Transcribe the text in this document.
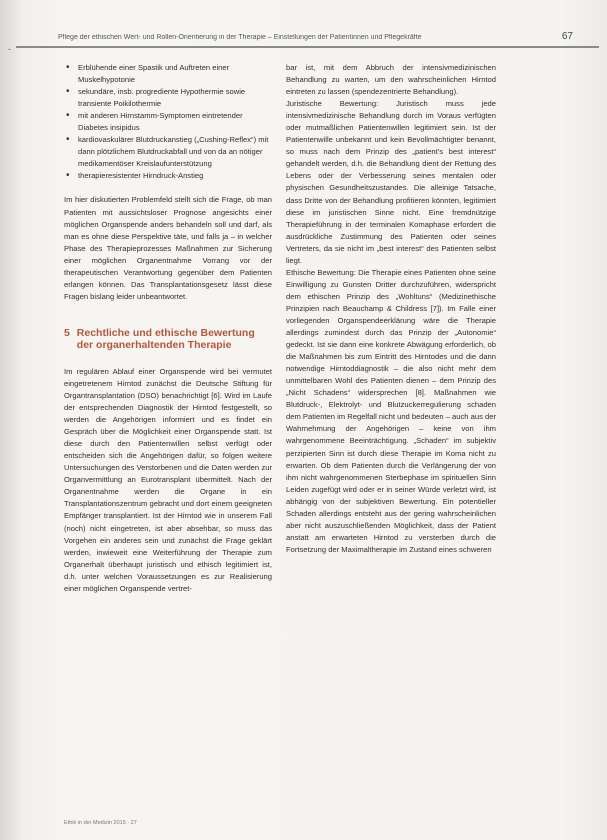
-
Pflege der ethischen Wert- und Rollen-Orientierung in der Therapie – Einstellungen der Patientinnen und Pflegekräfte	67
• Erblühende einer Spastik und Auftreten einer Muskelhypotonie
• sekundäre, insb. progrediente Hypothermie sowie transiente Poikilothermie
• mit anderen Hirnstamm-Symptomen eintretender Diabetes insipidus
• kardiovaskulärer Blutdruckanstieg („Cushing-Reflex“) mit dann plötzlichem Blutdruckabfall und von da an nötiger medikamentöser Kreislaufunterstützung
• therapieresistenter Hirndruck-Anstieg

Im hier diskutierten Problemfeld stellt sich die Frage, ob man Patienten mit aussichtsloser Prognose angesichts einer möglichen Organspende anders behandeln soll und darf, als man es ohne diese Perspektive täte, und falls ja – in welcher Phase des Therapieprozesses Maßnahmen zur Sicherung einer möglichen Organentnahme Vorrang vor der therapeutischen Verantwortung gegenüber dem Patienten erlangen können. Das Transplantationsgesetz lässt diese Fragen bislang leider unbeantwortet.

5 Rechtliche und ethische Bewertung der organerhaltenden Therapie

Im regulären Ablauf einer Organspende wird bei vermutet eingetretenem Hirntod zunächst die Deutsche Stiftung für Organtransplantation (DSO) benachrichtigt [6]. Wird im Laufe der entsprechenden Diagnostik der Hirntod festgestellt, so werden die Angehörigen informiert und es findet ein Gespräch über die Möglichkeit einer Organspende statt. Ist diese durch den Patientenwillen selbst verfügt oder entscheiden sich die Angehörigen dafür, so folgen weitere Untersuchungen des Verstorbenen und die Daten werden zur Organvermittlung an Eurotransplant übermittelt. Nach der Organentnahme werden die Organe in ein Transplantationszentrum gebracht und dort einem geeigneten Empfänger transplantiert. Ist der Hirntod wie in unserem Fall (noch) nicht eingetreten, ist aber absehbar, so muss das Vorgehen ein anderes sein und zunächst die Frage geklärt werden, inwieweit eine Weiterführung der Therapie zum Organerhalt überhaupt juristisch und ethisch legitimiert ist, d.h. unter welchen Voraussetzungen es zur Realisierung einer möglichen Organspende vertret-

bar ist, mit dem Abbruch der intensivmedizinischen Behandlung zu warten, um den wahrscheinlichen Hirntod eintreten zu lassen (spendezentrierte Behandlung).

Juristische Bewertung: Juristisch muss jede intensivmedizinische Behandlung durch im Voraus verfügten oder mutmaßlichen Patientenwillen legitimiert sein. Ist der Patientenwille unbekannt und kein Bevollmächtigter benannt, so muss nach dem Prinzip des „patient's best interest“ gehandelt werden, d.h. die Behandlung dient der Rettung des Lebens oder der Verbesserung seines mentalen oder physischen Gesundheitszustandes. Die alleinige Tatsache, dass Dritte von der Behandlung profitieren könnten, legitimiert diese im juristischen Sinne nicht. Eine fremdnützige Therapieführung in der terminalen Komaphase erfordert die ausdrückliche Zustimmung des Patienten oder seines Vertreters, da sie nicht im „best interest“ des Patienten selbst liegt.

Ethische Bewertung: Die Therapie eines Patienten ohne seine Einwilligung zu Gunsten Dritter durchzuführen, widerspricht dem ethischen Prinzip des „Wohltuns“ (Medizinethische Prinzipien nach Beauchamp & Childress [7]). Im Falle einer vorliegenden Organspendeerklärung wäre die Therapie allerdings zumindest durch das Prinzip der „Autonomie“ gedeckt. Ist sie dann eine konkrete Abwägung erforderlich, ob die Maßnahmen bis zum Eintritt des Hirntodes und die dann notwendige Hirntoddiagnostik – die also nicht mehr dem unmittelbaren Wohl des Patienten dienen – dem Prinzip des „Nicht Schadens“ widersprechen [8]. Maßnahmen wie Blutdruck-, Elektrolyt- und Blutzuckerregulierung schaden dem Patienten im Regelfall nicht und bedeuten – auch aus der Wahrnehmung der Angehörigen – keine von ihm wahrgenommene Beeinträchtigung. „Schaden“ im subjektiv perzipierten Sinn ist durch diese Therapie im Koma nicht zu erwarten. Ob dem Patienten durch die Verlängerung der von ihm nicht wahrgenommenen Sterbephase im spirituellen Sinn Leiden zugefügt wird oder er in seiner Würde verletzt wird, ist abhängig von der subjektiven Bewertung. Ein potentieller Schaden allerdings entsteht aus der gering wahrscheinlichen aber nicht auszuschließenden Möglichkeit, dass der Patient anstatt am erwarteten Hirntod zu versterben durch die Fortsetzung der Maximaltherapie im Zustand eines schweren

Ethik in der Medizin 2015 · 27
